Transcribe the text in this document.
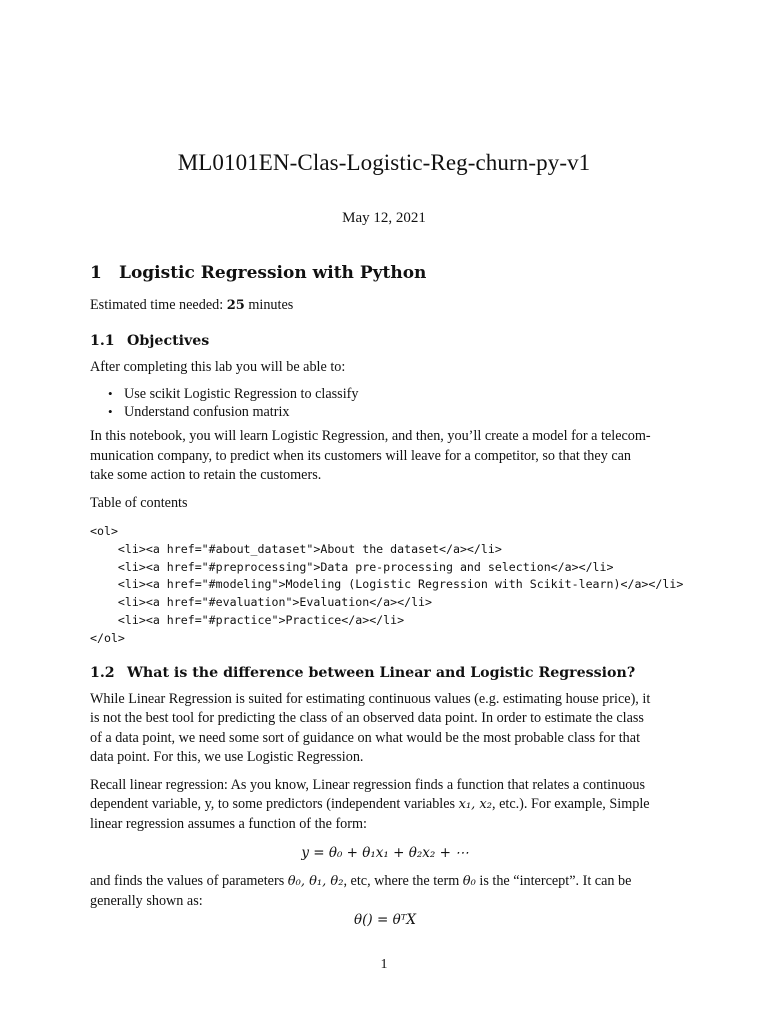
ML0101EN-Clas-Logistic-Reg-churn-py-v1
May 12, 2021
1 Logistic Regression with Python

Estimated time needed: 25 minutes

1.1 Objectives

After completing this lab you will be able to:

• Use scikit Logistic Regression to classify
• Understand confusion matrix

In this notebook, you will learn Logistic Regression, and then, you’ll create a model for a telecom-
munication company, to predict when its customers will leave for a competitor, so that they can
take some action to retain the customers.

Table of contents

<ol>
<li><a href="#about_dataset">About the dataset</a></li>
<li><a href="#preprocessing">Data pre-processing and selection</a></li>
<li><a href="#modeling">Modeling (Logistic Regression with Scikit-learn)</a></li>
<li><a href="#evaluation">Evaluation</a></li>
<li><a href="#practice">Practice</a></li>
</ol>
1.2 What is the difference between Linear and Logistic Regression?

While Linear Regression is suited for estimating continuous values (e.g. estimating house price), it
is not the best tool for predicting the class of an observed data point. In order to estimate the class
of a data point, we need some sort of guidance on what would be the most probable class for that
data point. For this, we use Logistic Regression.

Recall linear regression: As you know, Linear regression finds a function that relates a continuous
dependent variable, y, to some predictors (independent variables x₁, x₂, etc.). For example, Simple
linear regression assumes a function of the form:

y = θ₀ + θ₁x₁ + θ₂x₂ + ⋯

and finds the values of parameters θ₀, θ₁, θ₂, etc, where the term θ₀ is the “intercept”. It can be
generally shown as:

θ() = θᵀX
1
